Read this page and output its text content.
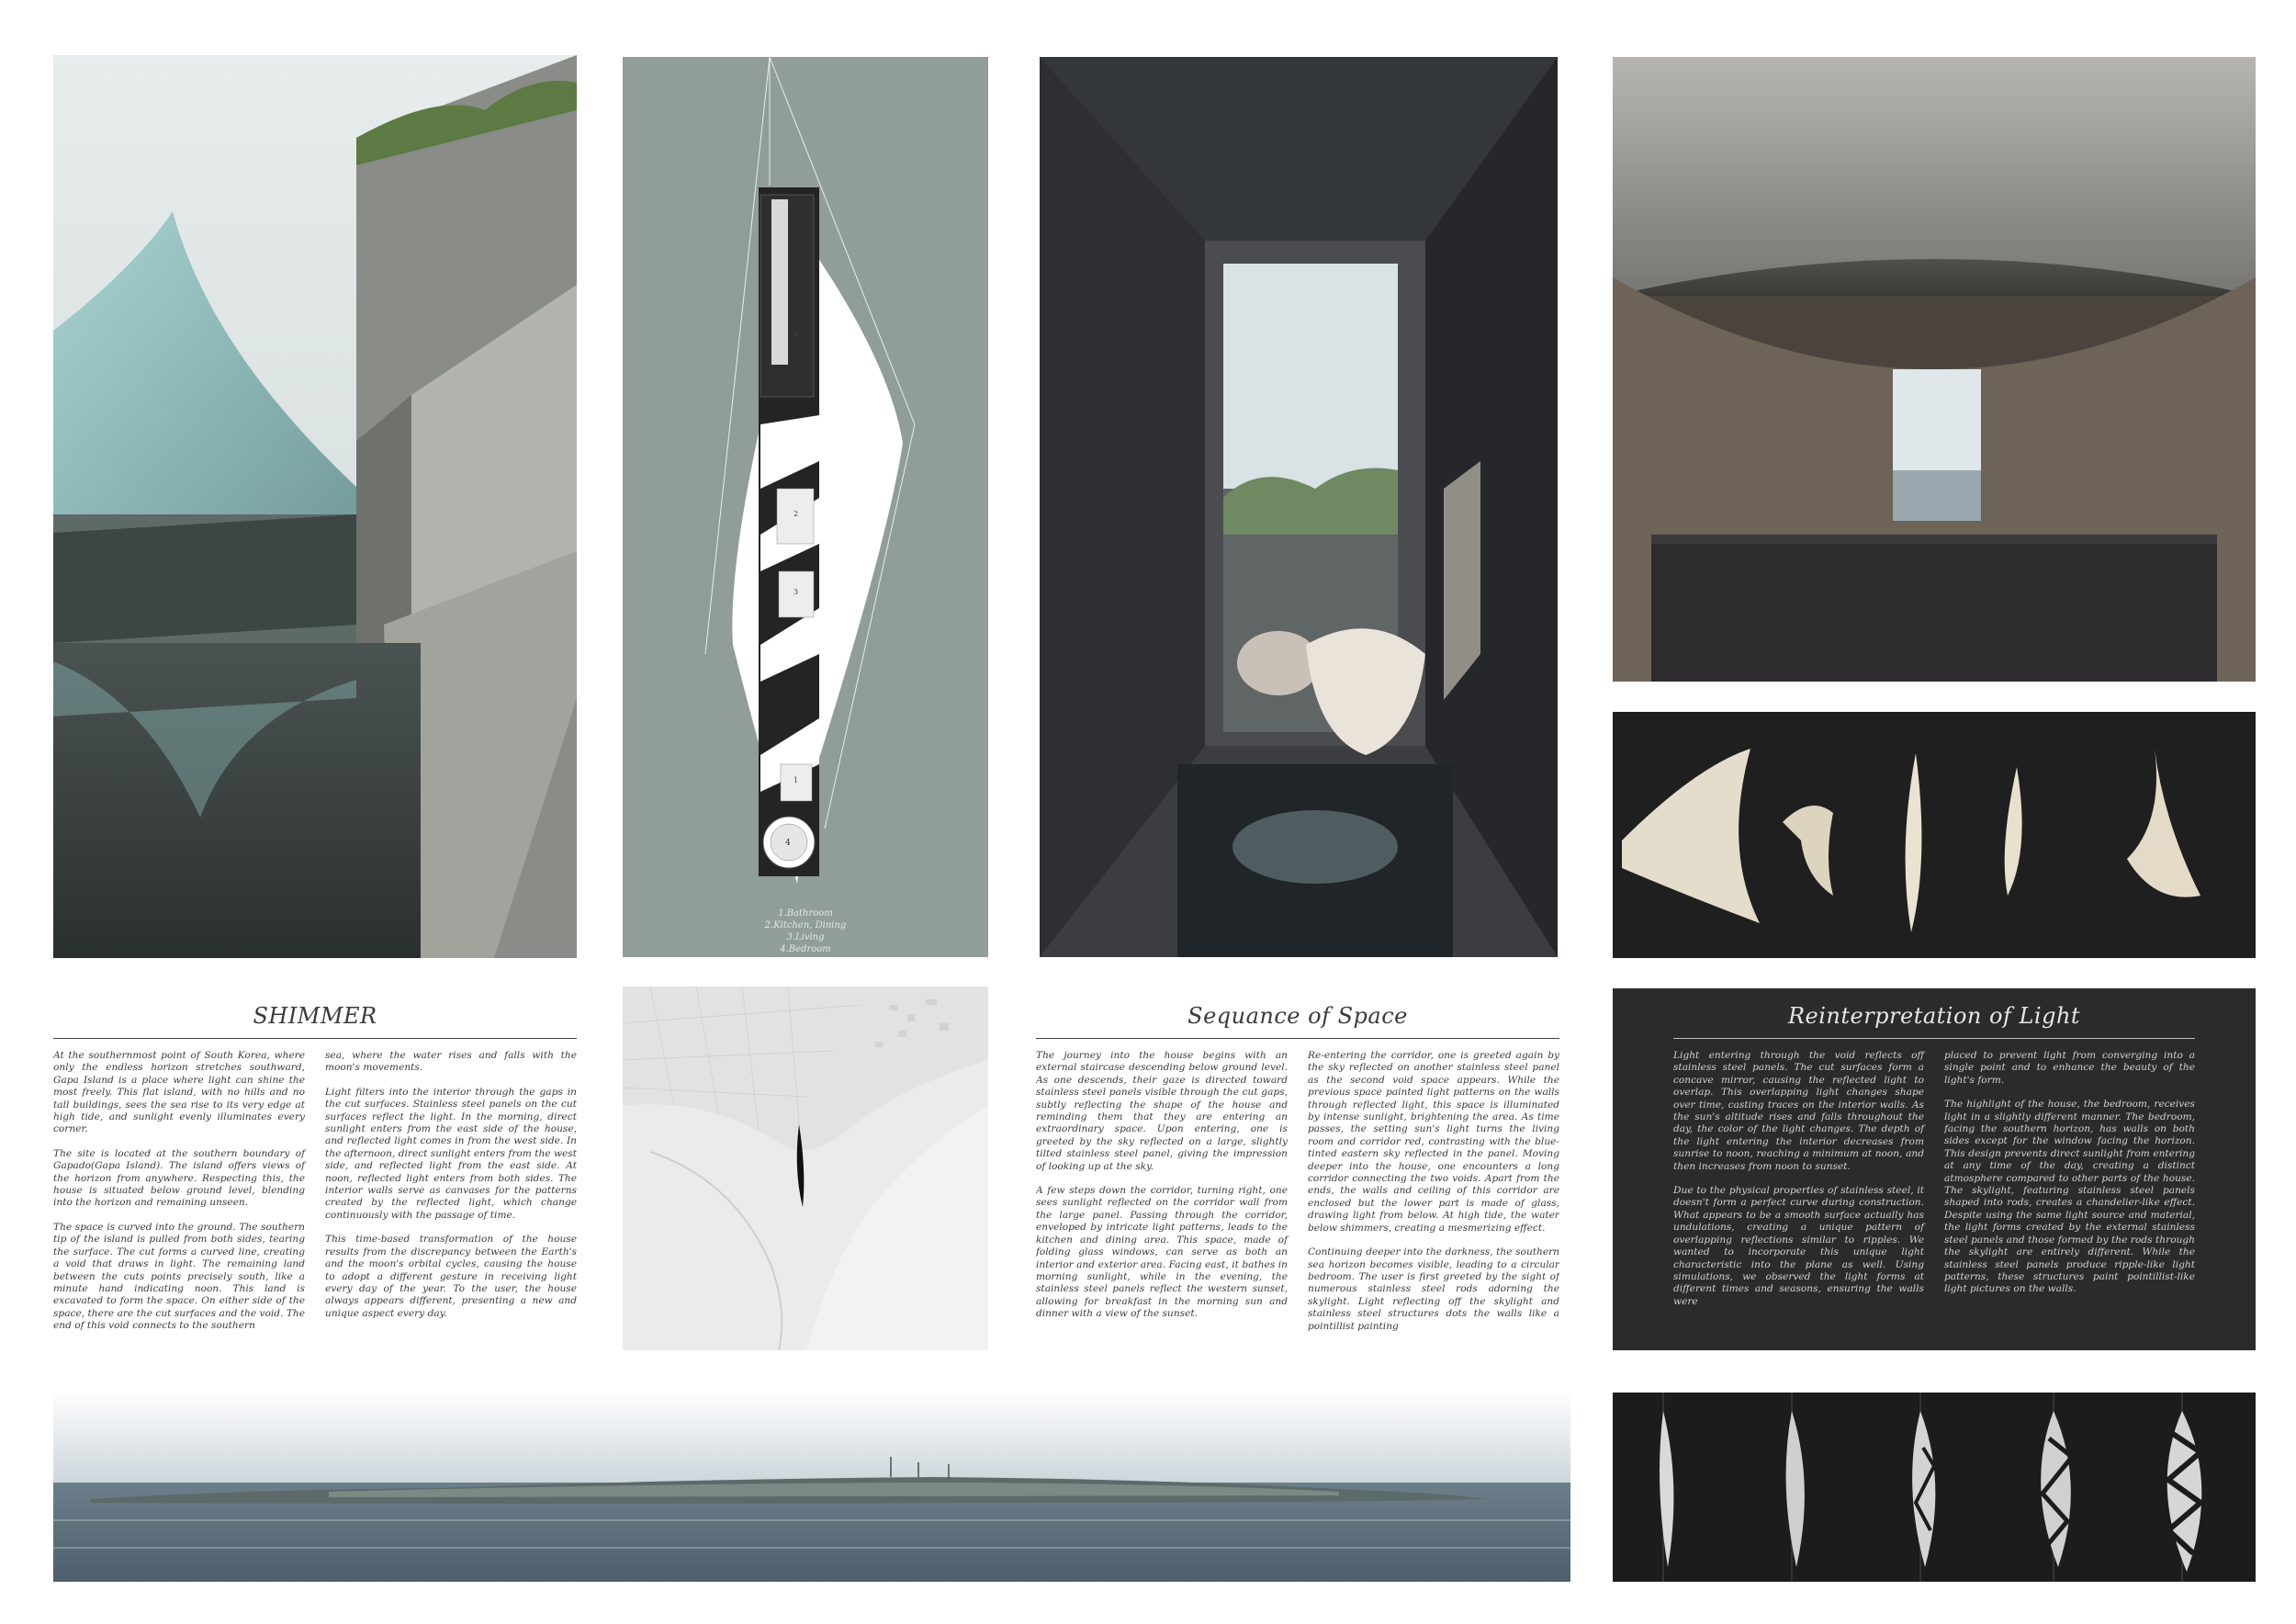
1
2
3
1
4
1.Bathroom
2.Kitchen, Dining
3.Living
4.Bedroom
SHIMMER

At the southernmost point of South Korea, where only the endless horizon stretches southward, Gapa Island is a place where light can shine the most freely. This flat island, with no hills and no tall buildings, sees the sea rise to its very edge at high tide, and sunlight evenly illuminates every corner.

The site is located at the southern boundary of Gapado(Gapa Island). The island offers views of the horizon from anywhere. Respecting this, the house is situated below ground level, blending into the horizon and remaining unseen.

The space is curved into the ground. The southern tip of the island is pulled from both sides, tearing the surface. The cut forms a curved line, creating a void that draws in light. The remaining land between the cuts points precisely south, like a minute hand indicating noon. This land is excavated to form the space. On either side of the space, there are the cut surfaces and the void. The end of this void connects to the southern

sea, where the water rises and falls with the moon's movements.

Light filters into the interior through the gaps in the cut surfaces. Stainless steel panels on the cut surfaces reflect the light. In the morning, direct sunlight enters from the east side of the house, and reflected light comes in from the west side. In the afternoon, direct sunlight enters from the west side, and reflected light from the east side. At noon, reflected light enters from both sides. The interior walls serve as canvases for the patterns created by the reflected light, which change continuously with the passage of time.

This time-based transformation of the house results from the discrepancy between the Earth's and the moon's orbital cycles, causing the house to adopt a different gesture in receiving light every day of the year. To the user, the house always appears different, presenting a new and unique aspect every day.

Sequance of Space

The journey into the house begins with an external staircase descending below ground level. As one descends, their gaze is directed toward stainless steel panels visible through the cut gaps, subtly reflecting the shape of the house and reminding them that they are entering an extraordinary space. Upon entering, one is greeted by the sky reflected on a large, slightly tilted stainless steel panel, giving the impression of looking up at the sky.

A few steps down the corridor, turning right, one sees sunlight reflected on the corridor wall from the large panel. Passing through the corridor, enveloped by intricate light patterns, leads to the kitchen and dining area. This space, made of folding glass windows, can serve as both an interior and exterior area. Facing east, it bathes in morning sunlight, while in the evening, the stainless steel panels reflect the western sunset, allowing for breakfast in the morning sun and dinner with a view of the sunset.

Re-entering the corridor, one is greeted again by the sky reflected on another stainless steel panel as the second void space appears. While the previous space painted light patterns on the walls through reflected light, this space is illuminated by intense sunlight, brightening the area. As time passes, the setting sun's light turns the living room and corridor red, contrasting with the blue-tinted eastern sky reflected in the panel. Moving deeper into the house, one encounters a long corridor connecting the two voids. Apart from the ends, the walls and ceiling of this corridor are enclosed but the lower part is made of glass, drawing light from below. At high tide, the water below shimmers, creating a mesmerizing effect.

Continuing deeper into the darkness, the southern sea horizon becomes visible, leading to a circular bedroom. The user is first greeted by the sight of numerous stainless steel rods adorning the skylight. Light reflecting off the skylight and stainless steel structures dots the walls like a pointillist painting

Reinterpretation of Light

Light entering through the void reflects off stainless steel panels. The cut surfaces form a concave mirror, causing the reflected light to overlap. This overlapping light changes shape over time, casting traces on the interior walls. As the sun's altitude rises and falls throughout the day, the color of the light changes. The depth of the light entering the interior decreases from sunrise to noon, reaching a minimum at noon, and then increases from noon to sunset.

Due to the physical properties of stainless steel, it doesn't form a perfect curve during construction. What appears to be a smooth surface actually has undulations, creating a unique pattern of overlapping reflections similar to ripples. We wanted to incorporate this unique light characteristic into the plane as well. Using simulations, we observed the light forms at different times and seasons, ensuring the walls were

placed to prevent light from converging into a single point and to enhance the beauty of the light's form.

The highlight of the house, the bedroom, receives light in a slightly different manner. The bedroom, facing the southern horizon, has walls on both sides except for the window facing the horizon. This design prevents direct sunlight from entering at any time of the day, creating a distinct atmosphere compared to other parts of the house. The skylight, featuring stainless steel panels shaped into rods, creates a chandelier-like effect. Despite using the same light source and material, the light forms created by the external stainless steel panels and those formed by the rods through the skylight are entirely different. While the stainless steel panels produce ripple-like light patterns, these structures paint pointillist-like light pictures on the walls.
